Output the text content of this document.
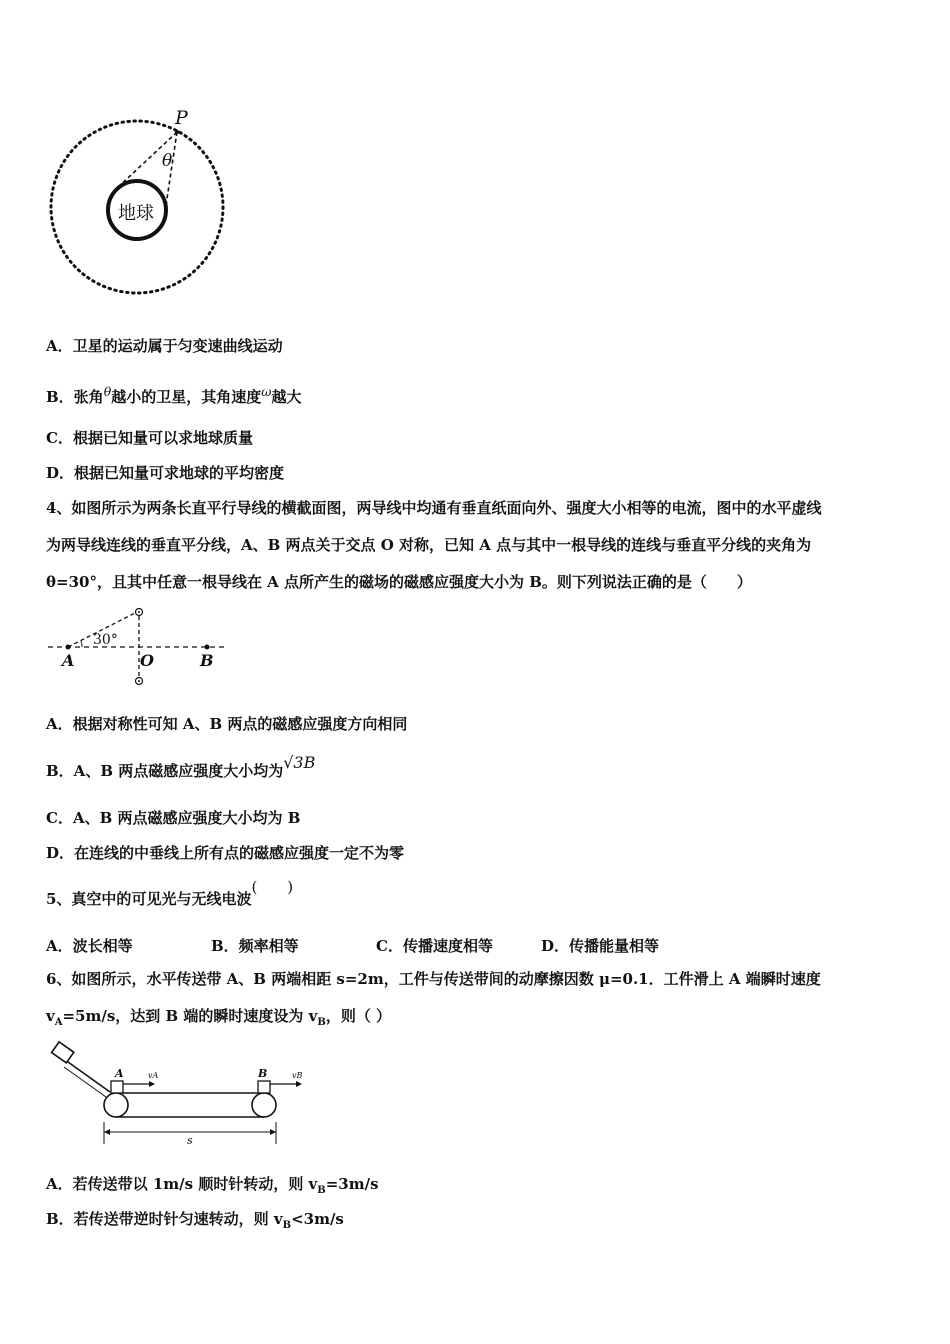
P
θ
地球
A．卫星的运动属于匀变速曲线运动
B．张角$^\theta$越小的卫星，其角速度$^\omega$越大
C．根据已知量可以求地球质量
D．根据已知量可求地球的平均密度
4、如图所示为两条长直平行导线的横截面图，两导线中均通有垂直纸面向外、强度大小相等的电流，图中的水平虚线
为两导线连线的垂直平分线，A、B 两点关于交点 O 对称，已知 A 点与其中一根导线的连线与垂直平分线的夹角为
θ=30°，且其中任意一根导线在 A 点所产生的磁场的磁感应强度大小为 B。则下列说法正确的是（　　）
30°
A	O	B
A．根据对称性可知 A、B 两点的磁感应强度方向相同
B．A、B 两点磁感应强度大小均为√3B
C．A、B 两点磁感应强度大小均为 B
D．在连线的中垂线上所有点的磁感应强度一定不为零
5、真空中的可见光与无线电波(　　)
A．波长相等	B．频率相等	C．传播速度相等	D．传播能量相等
6、如图所示，水平传送带 A、B 两端相距 s=2m，工件与传送带间的动摩擦因数 μ=0.1．工件滑上 A 端瞬时速度
$v_A=5m/s$，达到 B 端的瞬时速度设为 $v_B$，则（ ）
A	B
vA	vB
s
A．若传送带以 1m/s 顺时针转动，则 $v_B=3m/s$
B．若传送带逆时针匀速转动，则 $v_B<3m/s$
